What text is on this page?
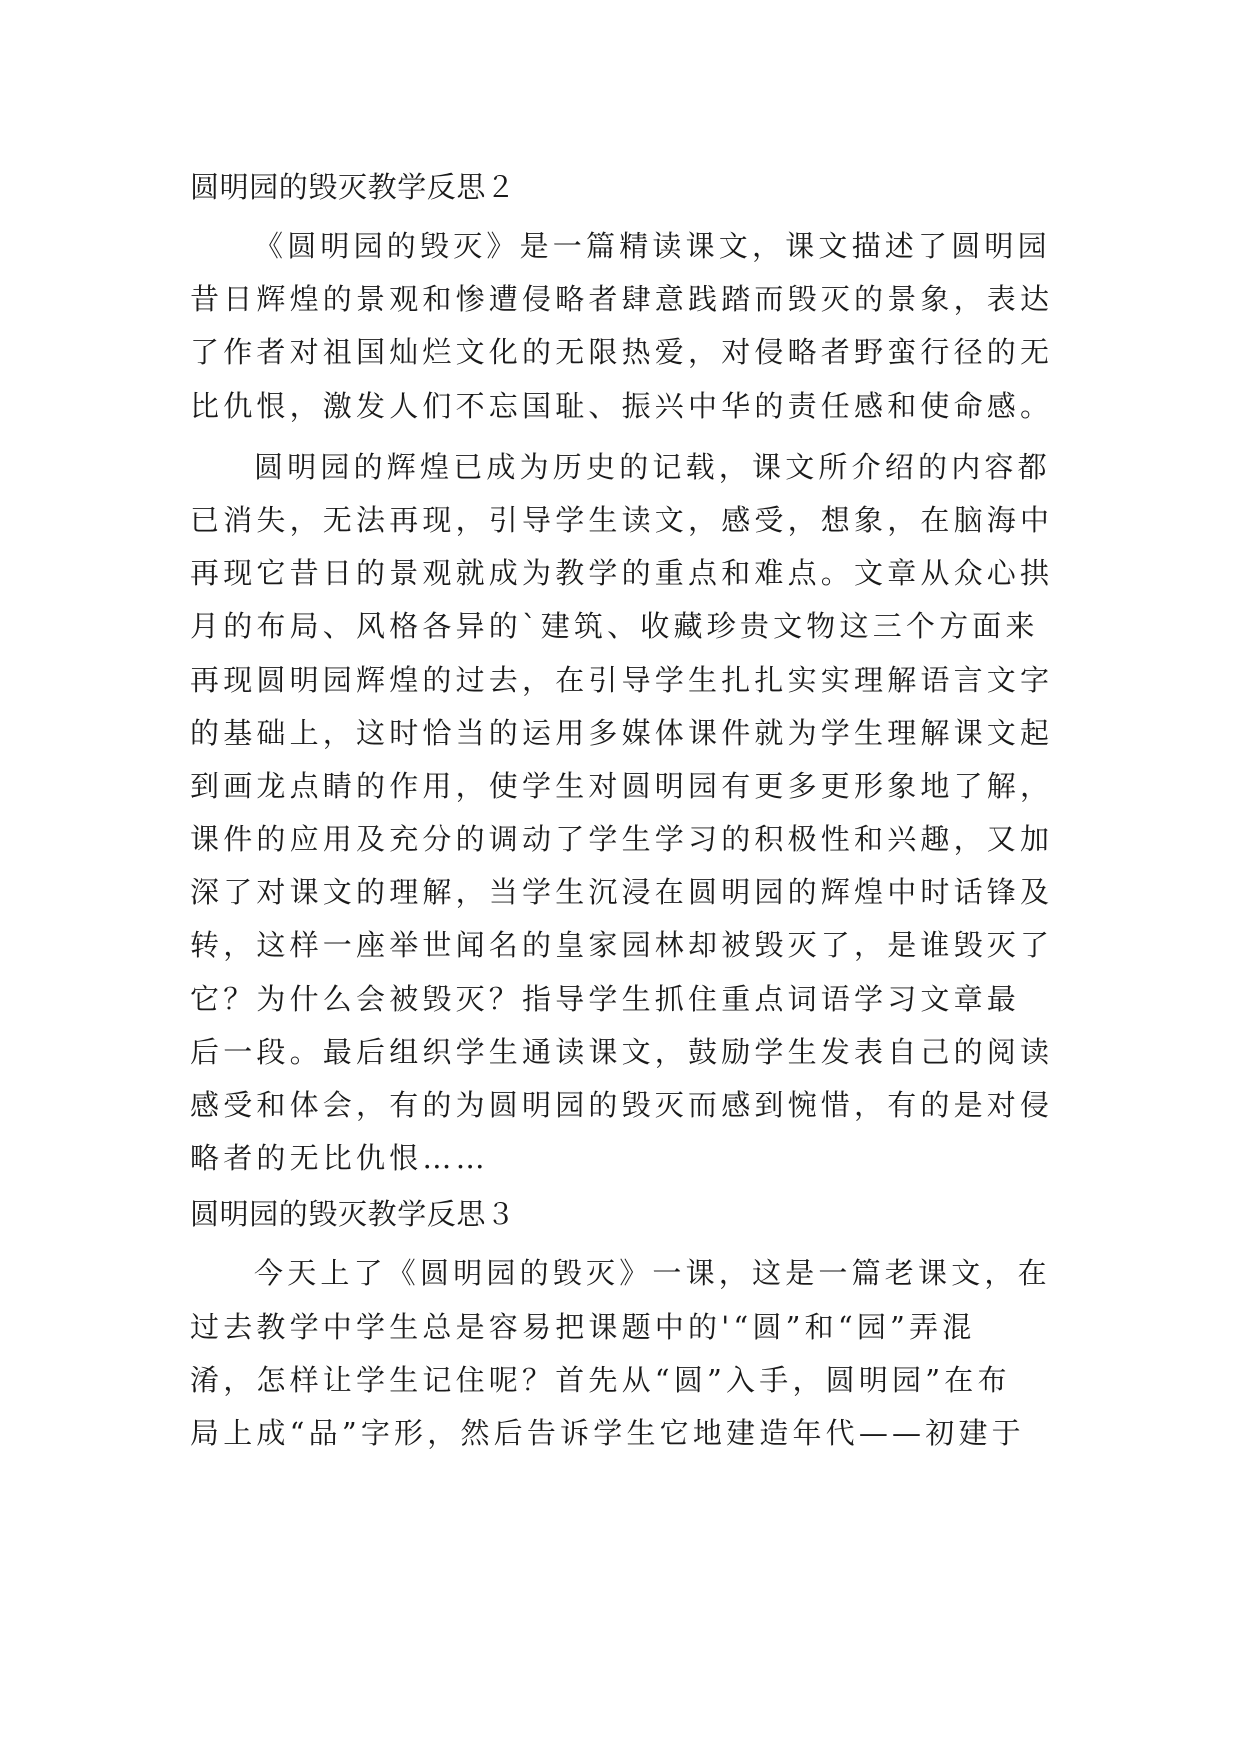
圆明园的毁灭教学反思２

《圆明园的毁灭》是一篇精读课文，课文描述了圆明园
昔日辉煌的景观和惨遭侵略者肆意践踏而毁灭的景象，表达
了作者对祖国灿烂文化的无限热爱，对侵略者野蛮行径的无
比仇恨，激发人们不忘国耻、振兴中华的责任感和使命感。

圆明园的辉煌已成为历史的记载，课文所介绍的内容都
已消失，无法再现，引导学生读文，感受，想象，在脑海中
再现它昔日的景观就成为教学的重点和难点。文章从众心拱
月的布局、风格各异的`建筑、收藏珍贵文物这三个方面来
再现圆明园辉煌的过去，在引导学生扎扎实实理解语言文字
的基础上，这时恰当的运用多媒体课件就为学生理解课文起
到画龙点睛的作用，使学生对圆明园有更多更形象地了解，
课件的应用及充分的调动了学生学习的积极性和兴趣，又加
深了对课文的理解，当学生沉浸在圆明园的辉煌中时话锋及
转，这样一座举世闻名的皇家园林却被毁灭了，是谁毁灭了
它？为什么会被毁灭？指导学生抓住重点词语学习文章最
后一段。最后组织学生通读课文，鼓励学生发表自己的阅读
感受和体会，有的为圆明园的毁灭而感到惋惜，有的是对侵
略者的无比仇恨……

圆明园的毁灭教学反思３

今天上了《圆明园的毁灭》一课，这是一篇老课文，在
过去教学中学生总是容易把课题中的'“圆”和“园”弄混
淆，怎样让学生记住呢？首先从“圆”入手，圆明园”在布
局上成“品”字形，然后告诉学生它地建造年代——初建于
